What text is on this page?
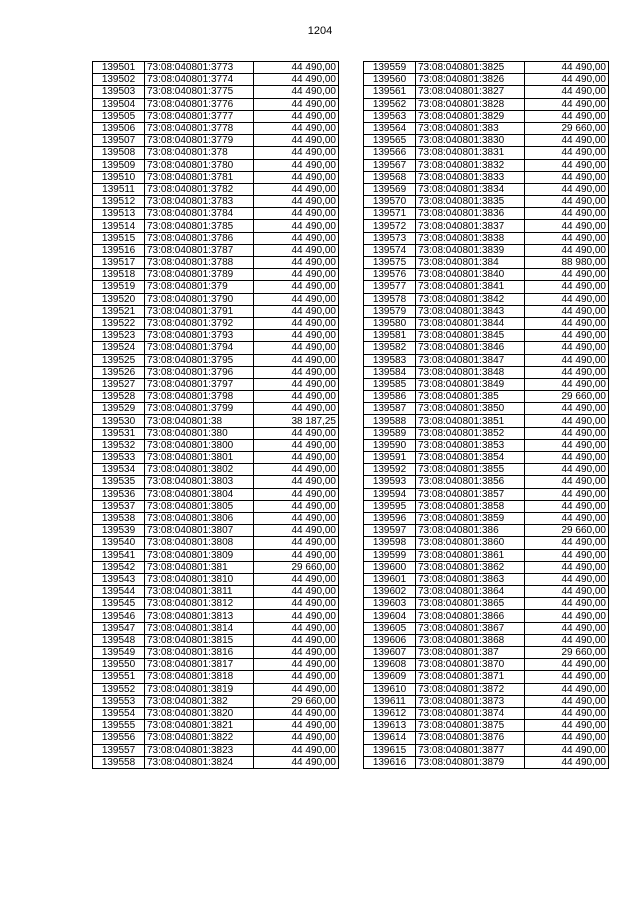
1204
139501	73:08:040801:3773	44 490,00
139502	73:08:040801:3774	44 490,00
139503	73:08:040801:3775	44 490,00
139504	73:08:040801:3776	44 490,00
139505	73:08:040801:3777	44 490,00
139506	73:08:040801:3778	44 490,00
139507	73:08:040801:3779	44 490,00
139508	73:08:040801:378	44 490,00
139509	73:08:040801:3780	44 490,00
139510	73:08:040801:3781	44 490,00
139511	73:08:040801:3782	44 490,00
139512	73:08:040801:3783	44 490,00
139513	73:08:040801:3784	44 490,00
139514	73:08:040801:3785	44 490,00
139515	73:08:040801:3786	44 490,00
139516	73:08:040801:3787	44 490,00
139517	73:08:040801:3788	44 490,00
139518	73:08:040801:3789	44 490,00
139519	73:08:040801:379	44 490,00
139520	73:08:040801:3790	44 490,00
139521	73:08:040801:3791	44 490,00
139522	73:08:040801:3792	44 490,00
139523	73:08:040801:3793	44 490,00
139524	73:08:040801:3794	44 490,00
139525	73:08:040801:3795	44 490,00
139526	73:08:040801:3796	44 490,00
139527	73:08:040801:3797	44 490,00
139528	73:08:040801:3798	44 490,00
139529	73:08:040801:3799	44 490,00
139530	73:08:040801:38	38 187,25
139531	73:08:040801:380	44 490,00
139532	73:08:040801:3800	44 490,00
139533	73:08:040801:3801	44 490,00
139534	73:08:040801:3802	44 490,00
139535	73:08:040801:3803	44 490,00
139536	73:08:040801:3804	44 490,00
139537	73:08:040801:3805	44 490,00
139538	73:08:040801:3806	44 490,00
139539	73:08:040801:3807	44 490,00
139540	73:08:040801:3808	44 490,00
139541	73:08:040801:3809	44 490,00
139542	73:08:040801:381	29 660,00
139543	73:08:040801:3810	44 490,00
139544	73:08:040801:3811	44 490,00
139545	73:08:040801:3812	44 490,00
139546	73:08:040801:3813	44 490,00
139547	73:08:040801:3814	44 490,00
139548	73:08:040801:3815	44 490,00
139549	73:08:040801:3816	44 490,00
139550	73:08:040801:3817	44 490,00
139551	73:08:040801:3818	44 490,00
139552	73:08:040801:3819	44 490,00
139553	73:08:040801:382	29 660,00
139554	73:08:040801:3820	44 490,00
139555	73:08:040801:3821	44 490,00
139556	73:08:040801:3822	44 490,00
139557	73:08:040801:3823	44 490,00
139558	73:08:040801:3824	44 490,00
139559	73:08:040801:3825	44 490,00
139560	73:08:040801:3826	44 490,00
139561	73:08:040801:3827	44 490,00
139562	73:08:040801:3828	44 490,00
139563	73:08:040801:3829	44 490,00
139564	73:08:040801:383	29 660,00
139565	73:08:040801:3830	44 490,00
139566	73:08:040801:3831	44 490,00
139567	73:08:040801:3832	44 490,00
139568	73:08:040801:3833	44 490,00
139569	73:08:040801:3834	44 490,00
139570	73:08:040801:3835	44 490,00
139571	73:08:040801:3836	44 490,00
139572	73:08:040801:3837	44 490,00
139573	73:08:040801:3838	44 490,00
139574	73:08:040801:3839	44 490,00
139575	73:08:040801:384	88 980,00
139576	73:08:040801:3840	44 490,00
139577	73:08:040801:3841	44 490,00
139578	73:08:040801:3842	44 490,00
139579	73:08:040801:3843	44 490,00
139580	73:08:040801:3844	44 490,00
139581	73:08:040801:3845	44 490,00
139582	73:08:040801:3846	44 490,00
139583	73:08:040801:3847	44 490,00
139584	73:08:040801:3848	44 490,00
139585	73:08:040801:3849	44 490,00
139586	73:08:040801:385	29 660,00
139587	73:08:040801:3850	44 490,00
139588	73:08:040801:3851	44 490,00
139589	73:08:040801:3852	44 490,00
139590	73:08:040801:3853	44 490,00
139591	73:08:040801:3854	44 490,00
139592	73:08:040801:3855	44 490,00
139593	73:08:040801:3856	44 490,00
139594	73:08:040801:3857	44 490,00
139595	73:08:040801:3858	44 490,00
139596	73:08:040801:3859	44 490,00
139597	73:08:040801:386	29 660,00
139598	73:08:040801:3860	44 490,00
139599	73:08:040801:3861	44 490,00
139600	73:08:040801:3862	44 490,00
139601	73:08:040801:3863	44 490,00
139602	73:08:040801:3864	44 490,00
139603	73:08:040801:3865	44 490,00
139604	73:08:040801:3866	44 490,00
139605	73:08:040801:3867	44 490,00
139606	73:08:040801:3868	44 490,00
139607	73:08:040801:387	29 660,00
139608	73:08:040801:3870	44 490,00
139609	73:08:040801:3871	44 490,00
139610	73:08:040801:3872	44 490,00
139611	73:08:040801:3873	44 490,00
139612	73:08:040801:3874	44 490,00
139613	73:08:040801:3875	44 490,00
139614	73:08:040801:3876	44 490,00
139615	73:08:040801:3877	44 490,00
139616	73:08:040801:3879	44 490,00
